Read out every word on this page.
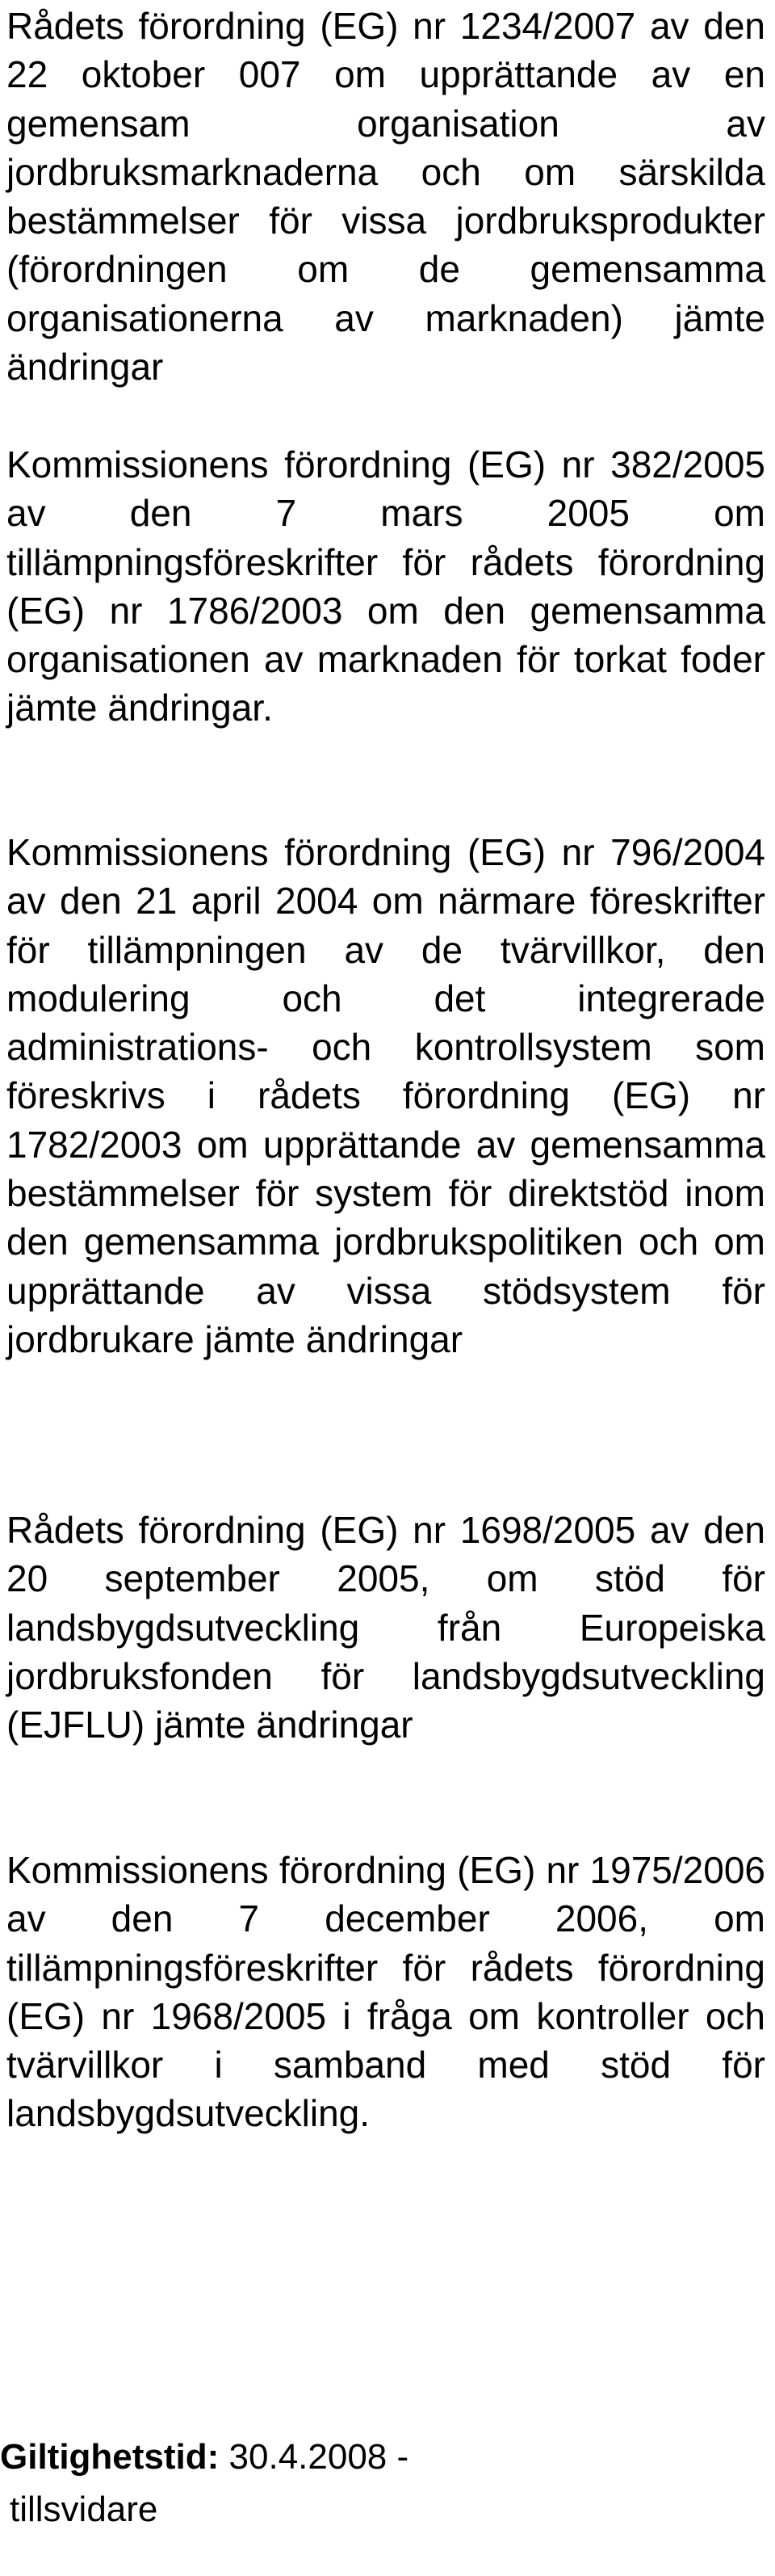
Rådets förordning (EG) nr 1234/2007 av den 22 oktober 007 om upprättande av en gemensam organisation av jordbruksmarknaderna och om särskilda bestämmelser för vissa jordbruksprodukter (förordningen om de gemensamma organisationerna av marknaden) jämte ändringar

Kommissionens förordning (EG) nr 382/2005 av den 7 mars 2005 om tillämpningsföreskrifter för rådets förordning (EG) nr 1786/2003 om den gemensamma organisationen av marknaden för torkat foder jämte ändringar.

Kommissionens förordning (EG) nr 796/2004 av den 21 april 2004 om närmare föreskrifter för tillämpningen av de tvärvillkor, den modulering och det integrerade administrations- och kontrollsystem som föreskrivs i rådets förordning (EG) nr 1782/2003 om upprättande av gemensamma bestämmelser för system för direktstöd inom den gemensamma jordbrukspolitiken och om upprättande av vissa stödsystem för jordbrukare jämte ändringar

Rådets förordning (EG) nr 1698/2005 av den 20 september 2005, om stöd för landsbygdsutveckling från Europeiska jordbruksfonden för landsbygdsutveckling (EJFLU) jämte ändringar

Kommissionens förordning (EG) nr 1975/2006 av den 7 december 2006, om tillämpningsföreskrifter för rådets förordning (EG) nr 1968/2005 i fråga om kontroller och tvärvillkor i samband med stöd för landsbygdsutveckling.

Giltighetstid: 30.4.2008 -
tillsvidare
